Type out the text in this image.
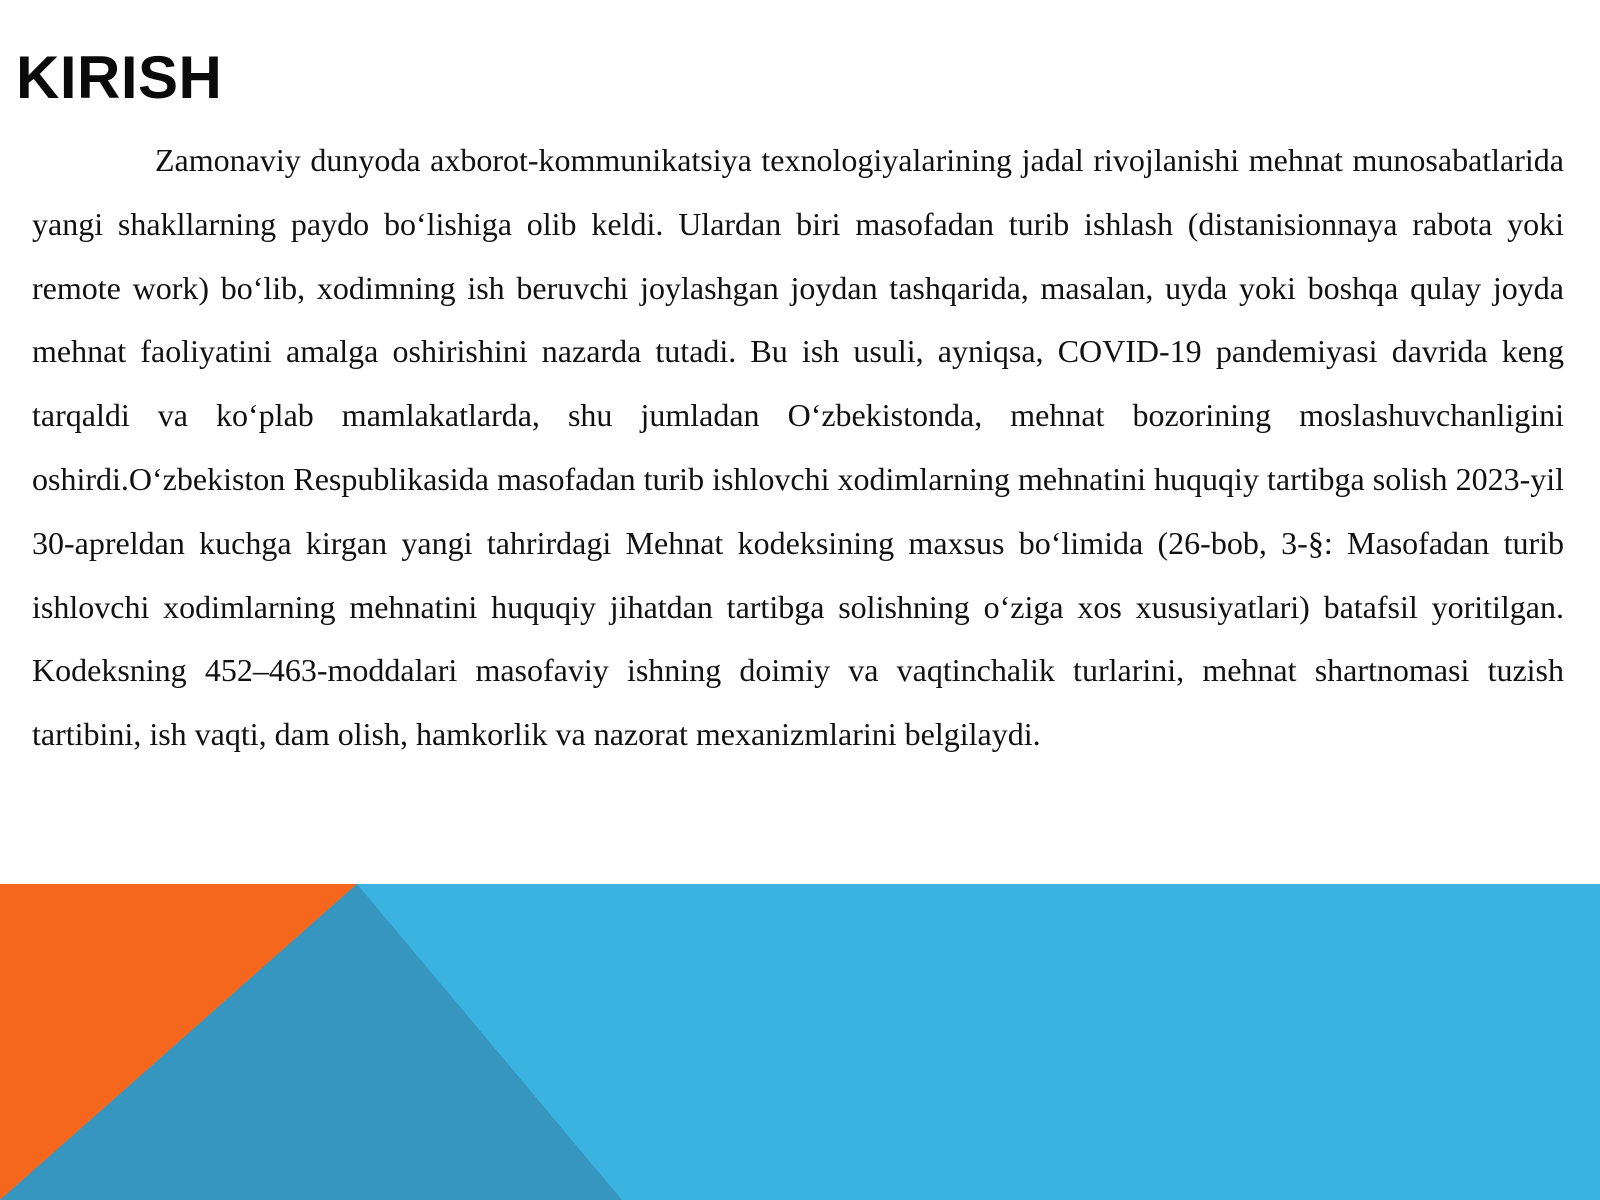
KIRISH

Zamonaviy dunyoda axborot-kommunikatsiya texnologiyalarining jadal rivojlanishi mehnat munosabatlarida yangi shakllarning paydo bo‘lishiga olib keldi. Ulardan biri masofadan turib ishlash (distanisionnaya rabota yoki remote work) bo‘lib, xodimning ish beruvchi joylashgan joydan tashqarida, masalan, uyda yoki boshqa qulay joyda mehnat faoliyatini amalga oshirishini nazarda tutadi. Bu ish usuli, ayniqsa, COVID-19 pandemiyasi davrida keng tarqaldi va ko‘plab mamlakatlarda, shu jumladan O‘zbekistonda, mehnat bozorining moslashuvchanligini oshirdi.O‘zbekiston Respublikasida masofadan turib ishlovchi xodimlarning mehnatini huquqiy tartibga solish 2023-yil 30-apreldan kuchga kirgan yangi tahrirdagi Mehnat kodeksining maxsus bo‘limida (26-bob, 3-§: Masofadan turib ishlovchi xodimlarning mehnatini huquqiy jihatdan tartibga solishning o‘ziga xos xususiyatlari) batafsil yoritilgan. Kodeksning 452–463-moddalari masofaviy ishning doimiy va vaqtinchalik turlarini, mehnat shartnomasi tuzish tartibini, ish vaqti, dam olish, hamkorlik va nazorat mexanizmlarini belgilaydi.
